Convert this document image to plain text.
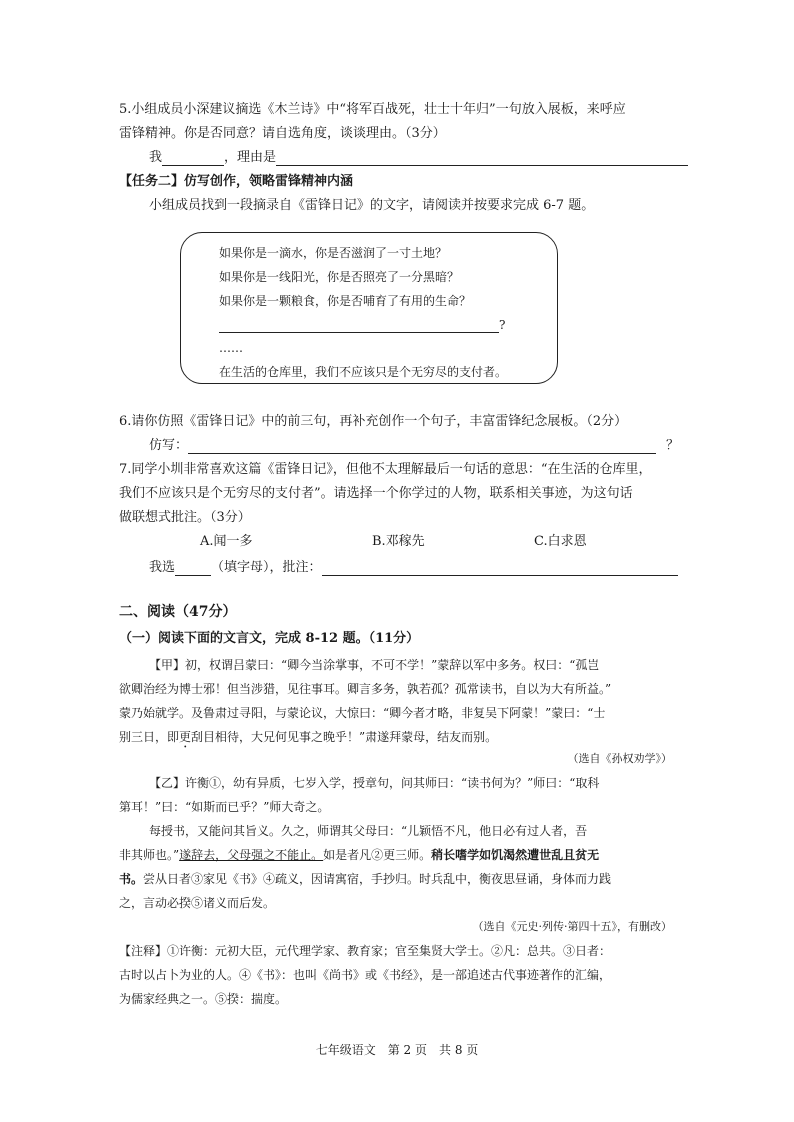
5.小组成员小深建议摘选《木兰诗》中“将军百战死，壮士十年归”一句放入展板，来呼应
雷锋精神。你是否同意？请自选角度，谈谈理由。（3分）
我	，理由是
【任务二】仿写创作，领略雷锋精神内涵
小组成员找到一段摘录自《雷锋日记》的文字，请阅读并按要求完成 6-7 题。
如果你是一滴水，你是否滋润了一寸土地？
如果你是一线阳光，你是否照亮了一分黑暗？
如果你是一颗粮食，你是否哺育了有用的生命？
?
……
在生活的仓库里，我们不应该只是个无穷尽的支付者。
6.请你仿照《雷锋日记》中的前三句，再补充创作一个句子，丰富雷锋纪念展板。（2分）
仿写：	？
7.同学小圳非常喜欢这篇《雷锋日记》，但他不太理解最后一句话的意思：“在生活的仓库里，
我们不应该只是个无穷尽的支付者”。请选择一个你学过的人物，联系相关事迹，为这句话
做联想式批注。（3分）
A.闻一多	B.邓稼先	C.白求恩
我选	（填字母），批注：
二、阅读（47分）
（一）阅读下面的文言文，完成 8-12 题。（11分）
【甲】初，权谓吕蒙曰：“卿今当涂掌事，不可不学！”蒙辞以军中多务。权曰：“孤岂
欲卿治经为博士邪！但当涉猎，见往事耳。卿言多务，孰若孤？孤常读书，自以为大有所益。”
蒙乃始就学。及鲁肃过寻阳，与蒙论议，大惊曰：“卿今者才略，非复吴下阿蒙！”蒙曰：“士
别三日，即更刮目相待，大兄何见事之晚乎！”肃遂拜蒙母，结友而别。
（选自《孙权劝学》）
【乙】许衡①，幼有异质，七岁入学，授章句，问其师曰：“读书何为？”师曰：“取科
第耳！”曰：“如斯而已乎？”师大奇之。
每授书，又能问其旨义。久之，师谓其父母曰：“儿颖悟不凡，他日必有过人者，吾
非其师也。”遂辞去，父母强之不能止。如是者凡②更三师。稍长嗜学如饥渴然遭世乱且贫无
书。尝从日者③家见《书》④疏义，因请寓宿，手抄归。时兵乱中，衡夜思昼诵，身体而力践
之，言动必揆⑤诸义而后发。
（选自《元史·列传·第四十五》，有删改）
【注释】①许衡：元初大臣，元代理学家、教育家；官至集贤大学士。②凡：总共。③日者：
古时以占卜为业的人。④《书》：也叫《尚书》或《书经》，是一部追述古代事迹著作的汇编，
为儒家经典之一。⑤揆：揣度。
七年级语文　第 2 页　共 8 页
